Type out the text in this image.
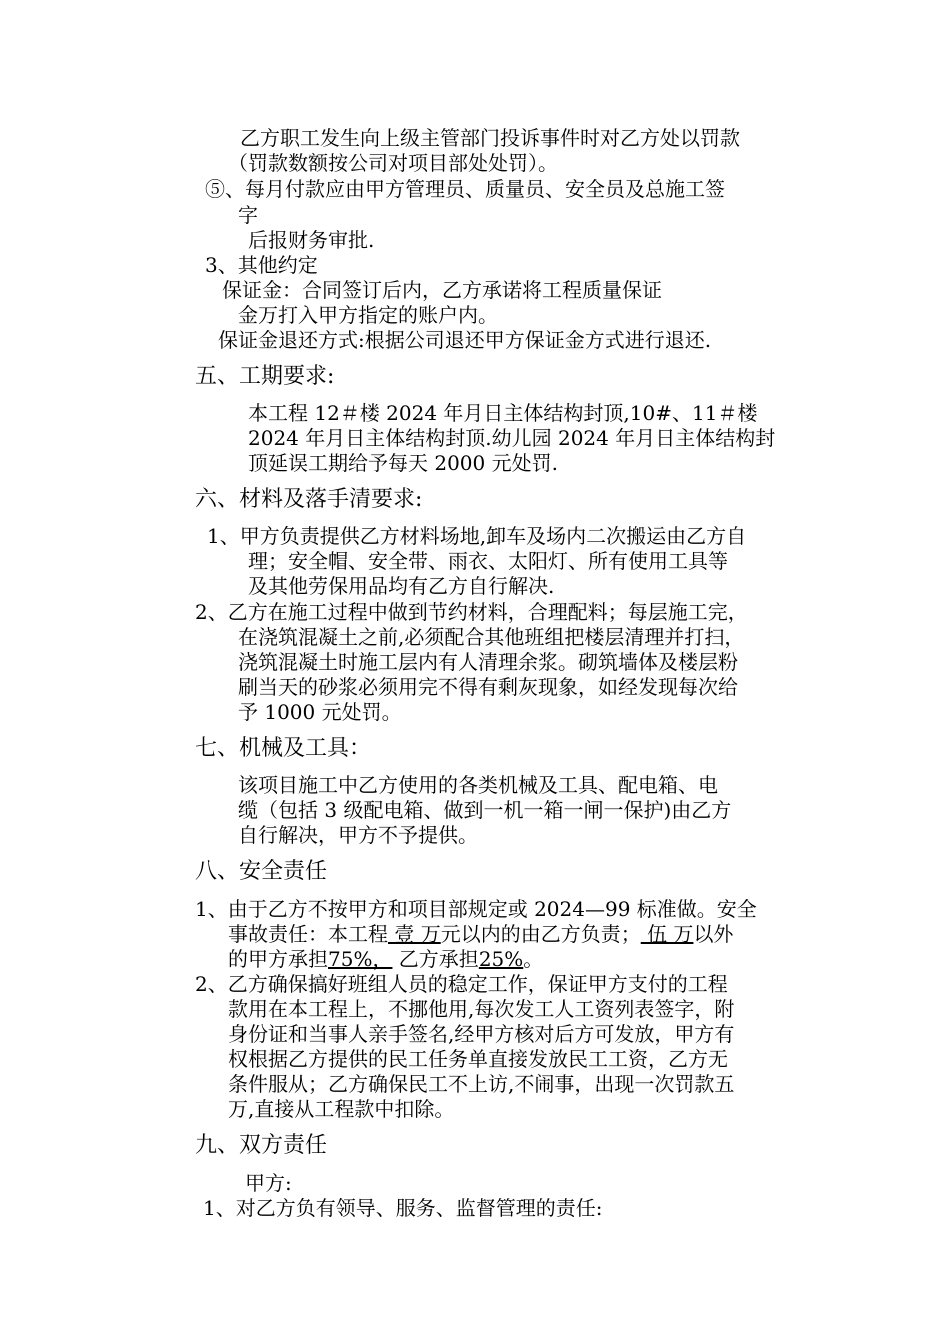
乙方职工发生向上级主管部门投诉事件时对乙方处以罚款
（罚款数额按公司对项目部处处罚）。
⑤、每月付款应由甲方管理员、质量员、安全员及总施工签
字
后报财务审批.
3、其他约定
保证金：合同签订后内，乙方承诺将工程质量保证
金万打入甲方指定的账户内。
保证金退还方式:根据公司退还甲方保证金方式进行退还.
五、工期要求:
本工程 12＃楼 2024 年月日主体结构封顶,10#、11＃楼
2024 年月日主体结构封顶.幼儿园 2024 年月日主体结构封
顶延误工期给予每天 2000 元处罚.
六、材料及落手清要求:
1、甲方负责提供乙方材料场地,卸车及场内二次搬运由乙方自
理；安全帽、安全带、雨衣、太阳灯、所有使用工具等
及其他劳保用品均有乙方自行解决.
2、乙方在施工过程中做到节约材料，合理配料；每层施工完，
在浇筑混凝土之前,必须配合其他班组把楼层清理并打扫，
浇筑混凝土时施工层内有人清理余浆。砌筑墙体及楼层粉
刷当天的砂浆必须用完不得有剩灰现象，如经发现每次给
予 1000 元处罚。
七、机械及工具：
该项目施工中乙方使用的各类机械及工具、配电箱、电
缆（包括 3 级配电箱、做到一机一箱一闸一保护)由乙方
自行解决，甲方不予提供。
八、安全责任
1、由于乙方不按甲方和项目部规定或 2024—99 标准做。安全
事故责任：本工程 壹 万元以内的由乙方负责； 伍 万以外
的甲方承担75%， 乙方承担25%。
2、乙方确保搞好班组人员的稳定工作，保证甲方支付的工程
款用在本工程上，不挪他用,每次发工人工资列表签字，附
身份证和当事人亲手签名,经甲方核对后方可发放，甲方有
权根据乙方提供的民工任务单直接发放民工工资，乙方无
条件服从；乙方确保民工不上访,不闹事，出现一次罚款五
万,直接从工程款中扣除。
九、双方责任
甲方:
1、对乙方负有领导、服务、监督管理的责任:
